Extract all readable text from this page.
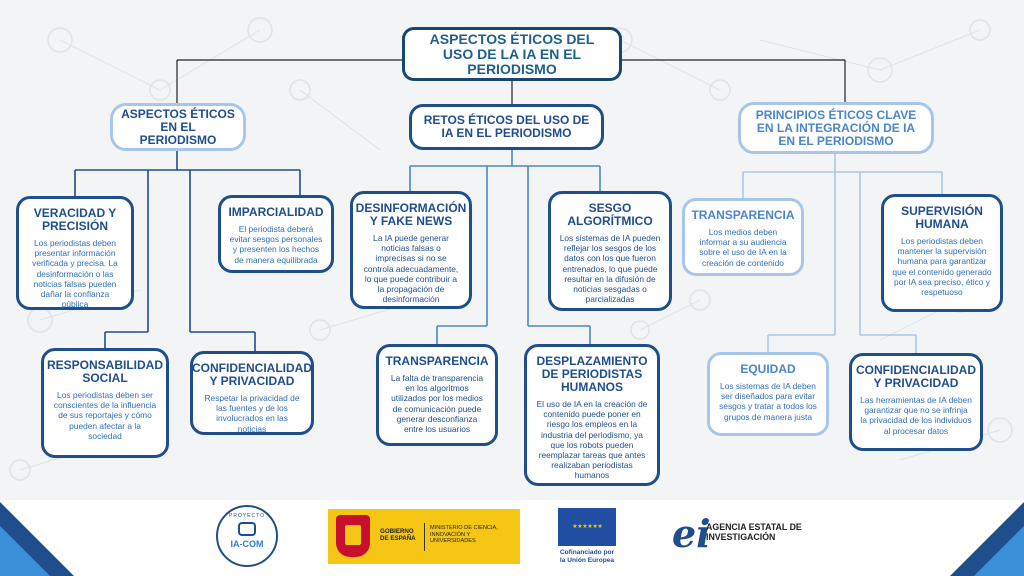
ASPECTOS ÉTICOS DEL USO DE LA IA EN EL PERIODISMO
ASPECTOS ÉTICOS EN EL PERIODISMO
RETOS ÉTICOS DEL USO DE IA EN EL PERIODISMO
PRINCIPIOS ÉTICOS CLAVE EN LA INTEGRACIÓN DE IA EN EL PERIODISMO
VERACIDAD Y PRECISIÓN
Los periodistas deben presentar información verificada y precisa. La desinformación o las noticias falsas pueden dañar la confianza pública
IMPARCIALIDAD
El periodista deberá evitar sesgos personales y presenten los hechos de manera equilibrada
RESPONSABILIDAD SOCIAL
Los periodistas deben ser conscientes de la influencia de sus reportajes y cómo pueden afectar a la sociedad
CONFIDENCIALIDAD Y PRIVACIDAD
Respetar la privacidad de las fuentes y de los involucrados en las noticias
DESINFORMACIÓN Y FAKE NEWS
La IA puede generar noticias falsas o imprecisas si no se controla adecuadamente, lo que puede contribuir a la propagación de desinformación
SESGO ALGORÍTMICO
Los sistemas de IA pueden reflejar los sesgos de los datos con los que fueron entrenados, lo que puede resultar en la difusión de noticias sesgadas o parcializadas
TRANSPARENCIA
La falta de transparencia en los algoritmos utilizados por los medios de comunicación puede generar desconfianza entre los usuarios
DESPLAZAMIENTO DE PERIODISTAS HUMANOS
El uso de IA en la creación de contenido puede poner en riesgo los empleos en la industria del periodismo, ya que los robots pueden reemplazar tareas que antes realizaban periodistas humanos
TRANSPARENCIA
Los medios deben informar a su audiencia sobre el uso de IA en la creación de contenido
SUPERVISIÓN HUMANA
Los periodistas deben mantener la supervisión humana para garantizar que el contenido generado por IA sea preciso, ético y respetuoso
EQUIDAD
Los sistemas de IA deben ser diseñados para evitar sesgos y tratar a todos los grupos de manera justa
CONFIDENCIALIDAD Y PRIVACIDAD
Las herramientas de IA deben garantizar que no se infrinja la privacidad de los individuos al procesar datos
PROYECTO
IA-COM
GOBIERNO DE ESPAÑA
MINISTERIO DE CIENCIA, INNOVACIÓN Y UNIVERSIDADES
★ ★ ★ ★ ★ ★
Cofinanciado por la Unión Europea
ei
AGENCIA ESTATAL DE INVESTIGACIÓN
